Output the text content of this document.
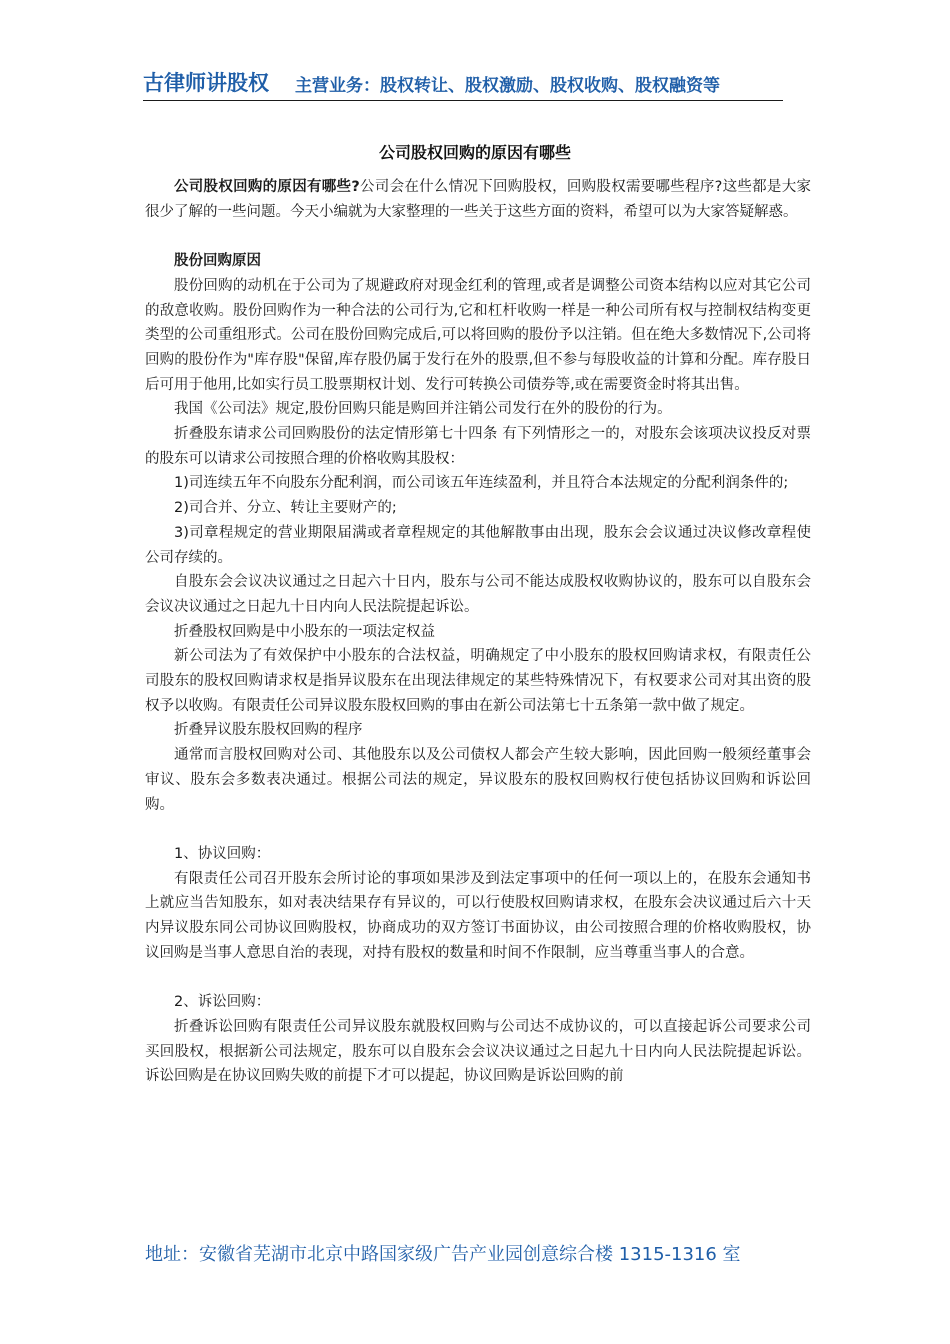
古律师讲股权 主营业务：股权转让、股权激励、股权收购、股权融资等
公司股权回购的原因有哪些

公司股权回购的原因有哪些?公司会在什么情况下回购股权，回购股权需要哪些程序?这些都是大家很少了解的一些问题。今天小编就为大家整理的一些关于这些方面的资料，希望可以为大家答疑解惑。

股份回购原因

股份回购的动机在于公司为了规避政府对现金红利的管理,或者是调整公司资本结构以应对其它公司的敌意收购。股份回购作为一种合法的公司行为,它和杠杆收购一样是一种公司所有权与控制权结构变更类型的公司重组形式。公司在股份回购完成后,可以将回购的股份予以注销。但在绝大多数情况下,公司将回购的股份作为"库存股"保留,库存股仍属于发行在外的股票,但不参与每股收益的计算和分配。库存股日后可用于他用,比如实行员工股票期权计划、发行可转换公司债券等,或在需要资金时将其出售。

我国《公司法》规定,股份回购只能是购回并注销公司发行在外的股份的行为。

折叠股东请求公司回购股份的法定情形第七十四条 有下列情形之一的，对股东会该项决议投反对票的股东可以请求公司按照合理的价格收购其股权：

1)司连续五年不向股东分配利润，而公司该五年连续盈利，并且符合本法规定的分配利润条件的;

2)司合并、分立、转让主要财产的;

3)司章程规定的营业期限届满或者章程规定的其他解散事由出现，股东会会议通过决议修改章程使公司存续的。

自股东会会议决议通过之日起六十日内，股东与公司不能达成股权收购协议的，股东可以自股东会会议决议通过之日起九十日内向人民法院提起诉讼。

折叠股权回购是中小股东的一项法定权益

新公司法为了有效保护中小股东的合法权益，明确规定了中小股东的股权回购请求权，有限责任公司股东的股权回购请求权是指异议股东在出现法律规定的某些特殊情况下，有权要求公司对其出资的股权予以收购。有限责任公司异议股东股权回购的事由在新公司法第七十五条第一款中做了规定。

折叠异议股东股权回购的程序

通常而言股权回购对公司、其他股东以及公司债权人都会产生较大影响，因此回购一般须经董事会审议、股东会多数表决通过。根据公司法的规定，异议股东的股权回购权行使包括协议回购和诉讼回购。

1、协议回购：

有限责任公司召开股东会所讨论的事项如果涉及到法定事项中的任何一项以上的，在股东会通知书上就应当告知股东，如对表决结果存有异议的，可以行使股权回购请求权，在股东会决议通过后六十天内异议股东同公司协议回购股权，协商成功的双方签订书面协议，由公司按照合理的价格收购股权，协议回购是当事人意思自治的表现，对持有股权的数量和时间不作限制，应当尊重当事人的合意。

2、诉讼回购：

折叠诉讼回购有限责任公司异议股东就股权回购与公司达不成协议的，可以直接起诉公司要求公司买回股权，根据新公司法规定，股东可以自股东会会议决议通过之日起九十日内向人民法院提起诉讼。诉讼回购是在协议回购失败的前提下才可以提起，协议回购是诉讼回购的前

地址：安徽省芜湖市北京中路国家级广告产业园创意综合楼 1315-1316 室
